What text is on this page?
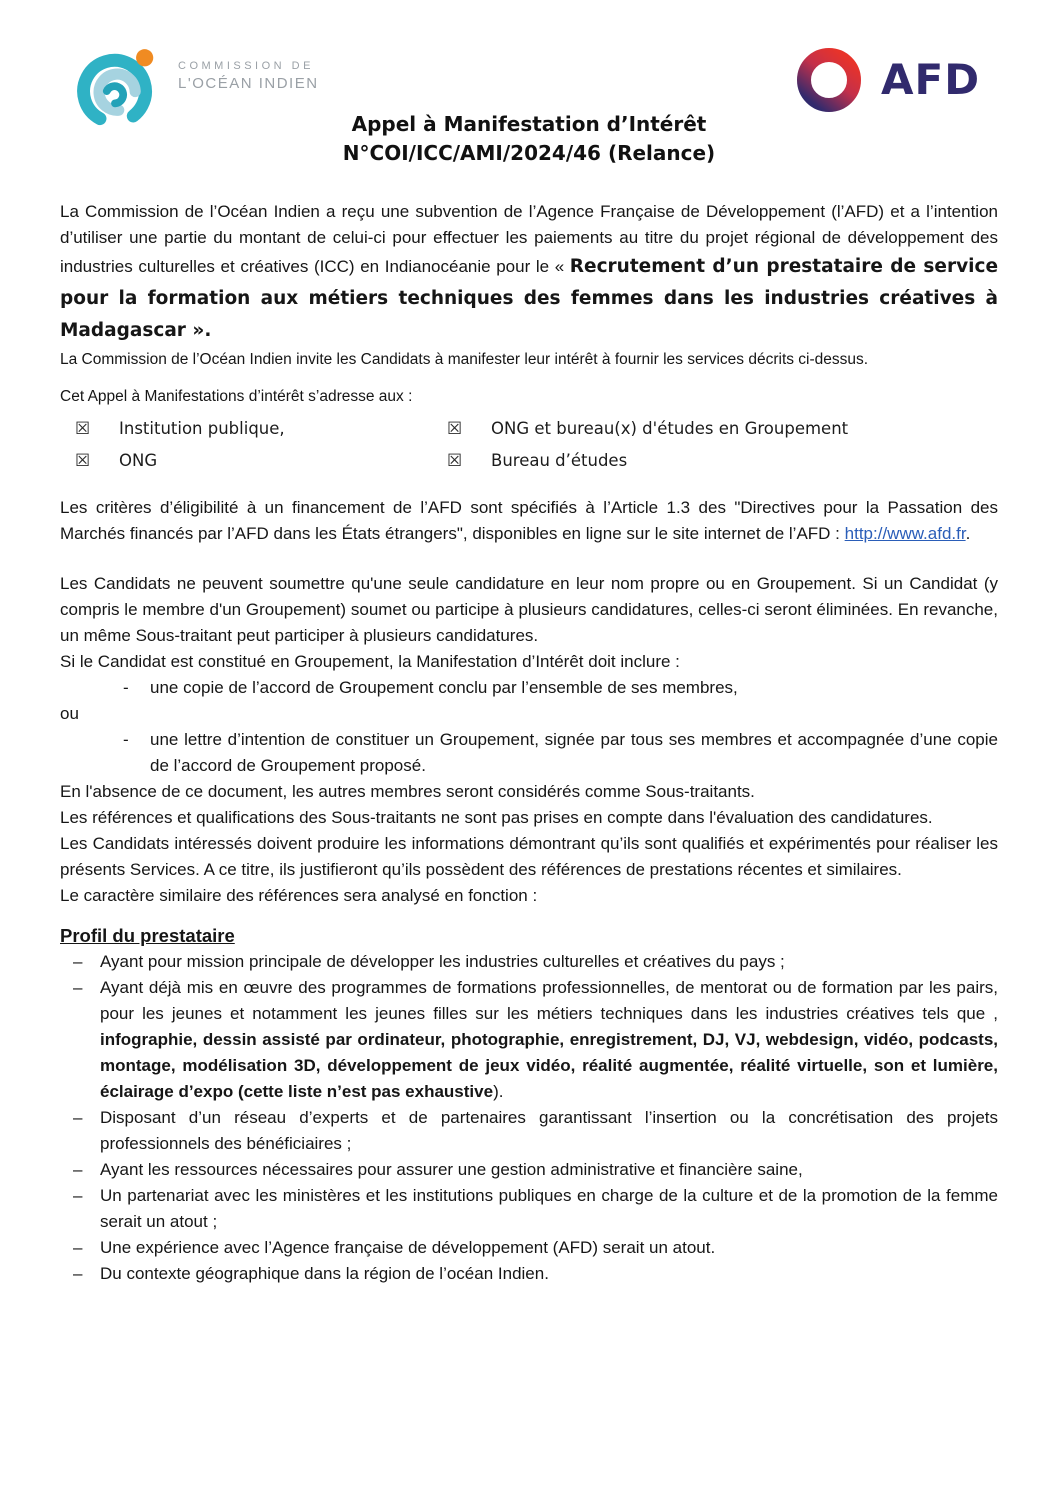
COMMISSION DE
L'OCÉAN INDIEN	AFD
Appel à Manifestation d’Intérêt
N°COI/ICC/AMI/2024/46 (Relance)

La Commission de l’Océan Indien a reçu une subvention de l’Agence Française de Développement (l’AFD) et a l’intention d’utiliser une partie du montant de celui-ci pour effectuer les paiements au titre du projet régional de développement des industries culturelles et créatives (ICC) en Indianocéanie pour le « Recrutement d’un prestataire de service pour la formation aux métiers techniques des femmes dans les industries créatives à Madagascar ».

La Commission de l’Océan Indien invite les Candidats à manifester leur intérêt à fournir les services décrits ci-dessus.

Cet Appel à Manifestations d’intérêt s’adresse aux :

☒ Institution publique,	☒ ONG et bureau(x) d'études en Groupement
☒ ONG	☒ Bureau d’études

Les critères d’éligibilité à un financement de l’AFD sont spécifiés à l’Article 1.3 des "Directives pour la Passation des Marchés financés par l’AFD dans les États étrangers", disponibles en ligne sur le site internet de l’AFD : http://www.afd.fr.

Les Candidats ne peuvent soumettre qu'une seule candidature en leur nom propre ou en Groupement. Si un Candidat (y compris le membre d'un Groupement) soumet ou participe à plusieurs candidatures, celles-ci seront éliminées. En revanche, un même Sous-traitant peut participer à plusieurs candidatures.

Si le Candidat est constitué en Groupement, la Manifestation d’Intérêt doit inclure :

- une copie de l’accord de Groupement conclu par l’ensemble de ses membres,

ou

- une lettre d’intention de constituer un Groupement, signée par tous ses membres et accompagnée d’une copie de l’accord de Groupement proposé.

En l'absence de ce document, les autres membres seront considérés comme Sous-traitants.

Les références et qualifications des Sous-traitants ne sont pas prises en compte dans l'évaluation des candidatures.

Les Candidats intéressés doivent produire les informations démontrant qu’ils sont qualifiés et expérimentés pour réaliser les présents Services. A ce titre, ils justifieront qu’ils possèdent des références de prestations récentes et similaires.

Le caractère similaire des références sera analysé en fonction :

Profil du prestataire

– Ayant pour mission principale de développer les industries culturelles et créatives du pays ;
– Ayant déjà mis en œuvre des programmes de formations professionnelles, de mentorat ou de formation par les pairs, pour les jeunes et notamment les jeunes filles sur les métiers techniques dans les industries créatives tels que , infographie, dessin assisté par ordinateur, photographie, enregistrement, DJ, VJ, webdesign, vidéo, podcasts, montage, modélisation 3D, développement de jeux vidéo, réalité augmentée, réalité virtuelle, son et lumière, éclairage d’expo (cette liste n’est pas exhaustive).
– Disposant d’un réseau d’experts et de partenaires garantissant l’insertion ou la concrétisation des projets professionnels des bénéficiaires ;
– Ayant les ressources nécessaires pour assurer une gestion administrative et financière saine,
– Un partenariat avec les ministères et les institutions publiques en charge de la culture et de la promotion de la femme serait un atout ;
– Une expérience avec l’Agence française de développement (AFD) serait un atout.
– Du contexte géographique dans la région de l’océan Indien.
